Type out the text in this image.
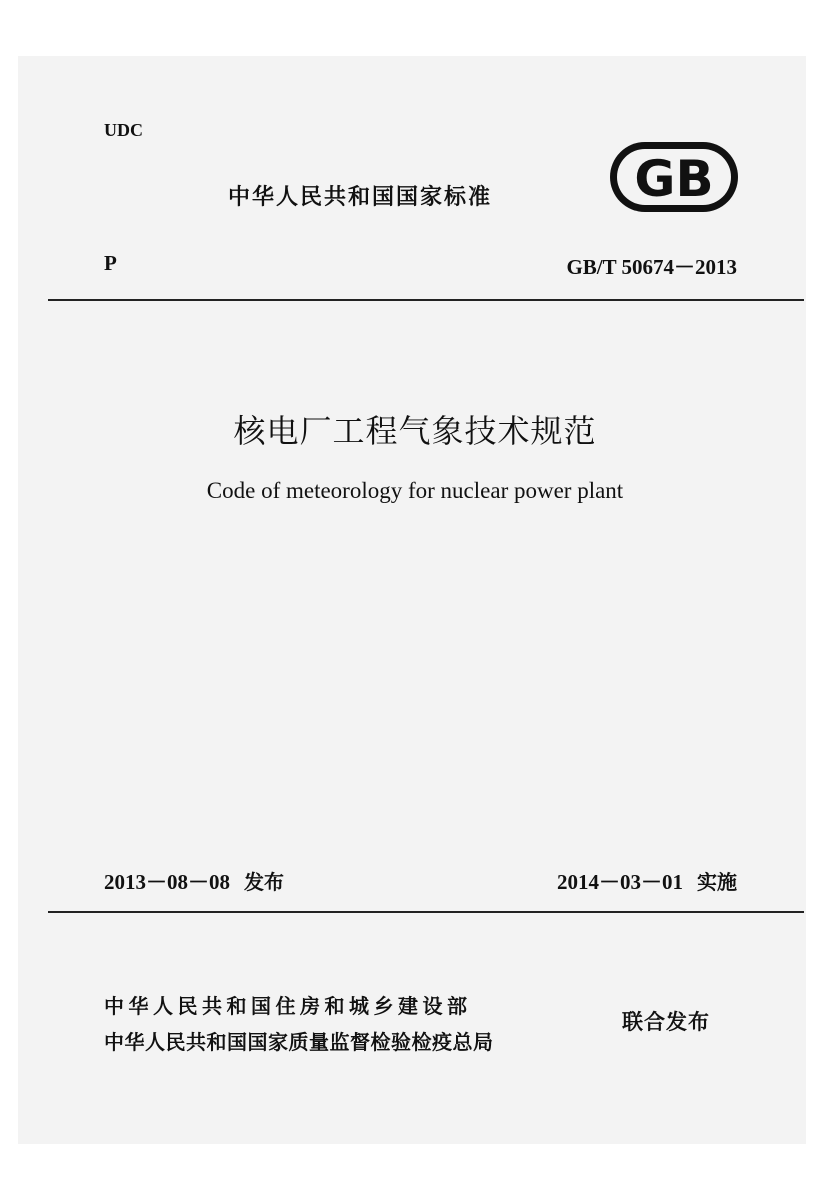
UDC
中华人民共和国国家标准	GB
P	GB/T 50674－2013
核电厂工程气象技术规范
Code of meteorology for nuclear power plant
2013－08－08 发布	2014－03－01 实施
中华人民共和国住房和城乡建设部
中华人民共和国国家质量监督检验检疫总局
联合发布
